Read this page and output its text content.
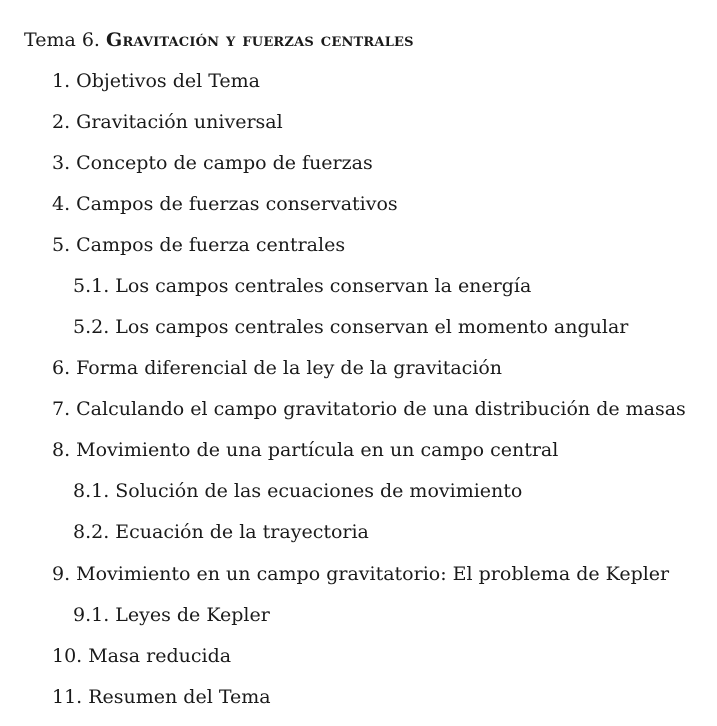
Tema 6. Gravitación y fuerzas centrales
1. Objetivos del Tema
2. Gravitación universal
3. Concepto de campo de fuerzas
4. Campos de fuerzas conservativos
5. Campos de fuerza centrales
5.1. Los campos centrales conservan la energía
5.2. Los campos centrales conservan el momento angular
6. Forma diferencial de la ley de la gravitación
7. Calculando el campo gravitatorio de una distribución de masas
8. Movimiento de una partícula en un campo central
8.1. Solución de las ecuaciones de movimiento
8.2. Ecuación de la trayectoria
9. Movimiento en un campo gravitatorio: El problema de Kepler
9.1. Leyes de Kepler
10. Masa reducida
11. Resumen del Tema
